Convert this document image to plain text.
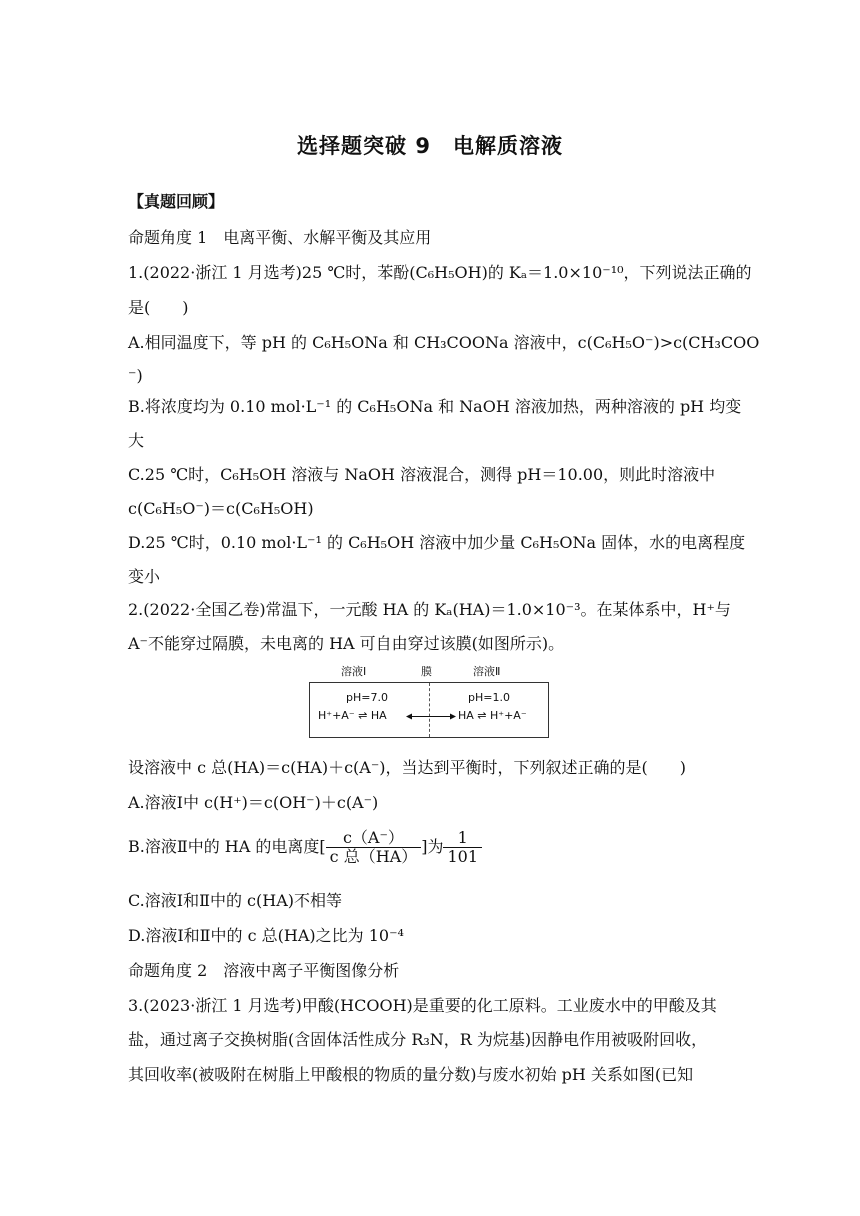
选择题突破 9　电解质溶液
【真题回顾】
命题角度 1　电离平衡、水解平衡及其应用
1.(2022·浙江 1 月选考)25 ℃时，苯酚(C₆H₅OH)的 Kₐ＝1.0×10⁻¹⁰，下列说法正确的
是(　　)
A.相同温度下，等 pH 的 C₆H₅ONa 和 CH₃COONa 溶液中，c(C₆H₅O⁻)>c(CH₃COO
⁻)
B.将浓度均为 0.10 mol·L⁻¹ 的 C₆H₅ONa 和 NaOH 溶液加热，两种溶液的 pH 均变
大
C.25 ℃时，C₆H₅OH 溶液与 NaOH 溶液混合，测得 pH＝10.00，则此时溶液中
c(C₆H₅O⁻)＝c(C₆H₅OH)
D.25 ℃时，0.10 mol·L⁻¹ 的 C₆H₅OH 溶液中加少量 C₆H₅ONa 固体，水的电离程度
变小
2.(2022·全国乙卷)常温下，一元酸 HA 的 Kₐ(HA)＝1.0×10⁻³。在某体系中，H⁺与
A⁻不能穿过隔膜，未电离的 HA 可自由穿过该膜(如图所示)。
溶液Ⅰ	膜	溶液Ⅱ
pH=7.0	pH=1.0
H⁺+A⁻ ⇌ HA	HA ⇌ H⁺+A⁻
设溶液中 c 总(HA)＝c(HA)＋c(A⁻)，当达到平衡时，下列叙述正确的是(　　)
A.溶液Ⅰ中 c(H⁺)＝c(OH⁻)＋c(A⁻)
B.溶液Ⅱ中的 HA 的电离度[ $\frac{c(A^-)}{\text{c 总（HA）}}$ ]为 $\frac{1}{101}$
C.溶液Ⅰ和Ⅱ中的 c(HA)不相等
D.溶液Ⅰ和Ⅱ中的 c 总(HA)之比为 10⁻⁴
命题角度 2　溶液中离子平衡图像分析
3.(2023·浙江 1 月选考)甲酸(HCOOH)是重要的化工原料。工业废水中的甲酸及其
盐，通过离子交换树脂(含固体活性成分 R₃N，R 为烷基)因静电作用被吸附回收，
其回收率(被吸附在树脂上甲酸根的物质的量分数)与废水初始 pH 关系如图(已知
